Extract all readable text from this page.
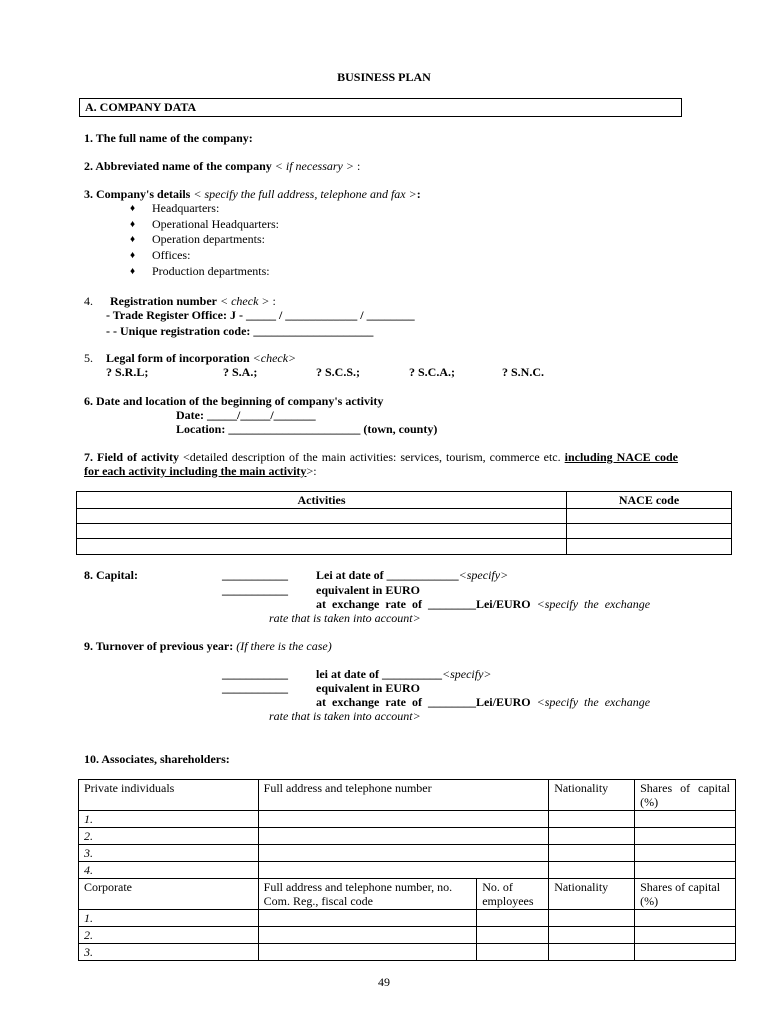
BUSINESS PLAN
A. COMPANY DATA
1. The full name of the company:
2. Abbreviated name of the company < if necessary > :
3. Company's details < specify the full address, telephone and fax >:
♦ Headquarters:
♦ Operational Headquarters:
♦ Operation departments:
♦ Offices:
♦ Production departments:
4. Registration number < check > :
- Trade Register Office: J - _____ / ____________ / ________
- - Unique registration code: ____________________
5. Legal form of incorporation <check>
? S.R.L;	? S.A.;	? S.C.S.;	? S.C.A.;	? S.N.C.
6. Date and location of the beginning of company's activity
Date: _____/_____/_______
Location: ______________________ (town, county)
7. Field of activity <detailed description of the main activities: services, tourism, commerce etc. including NACE code for each activity including the main activity>:
Activities	NACE code

8. Capital:	___________ Lei at date of ____________<specify>
___________ equivalent in EURO
at exchange rate of ________Lei/EURO <specify the exchange
rate that is taken into account>
9. Turnover of previous year: (If there is the case)
___________ lei at date of __________<specify>
___________ equivalent in EURO
at exchange rate of ________Lei/EURO <specify the exchange
rate that is taken into account>
10. Associates, shareholders:
Private individuals	Full address and telephone number		Nationality	Shares of capital (%)
1.				
2.				
3.				
4.				
Corporate	Full address and telephone number, no. Com. Reg., fiscal code	No. of employees	Nationality	Shares of capital (%)
1.				
2.				
3.				
49
